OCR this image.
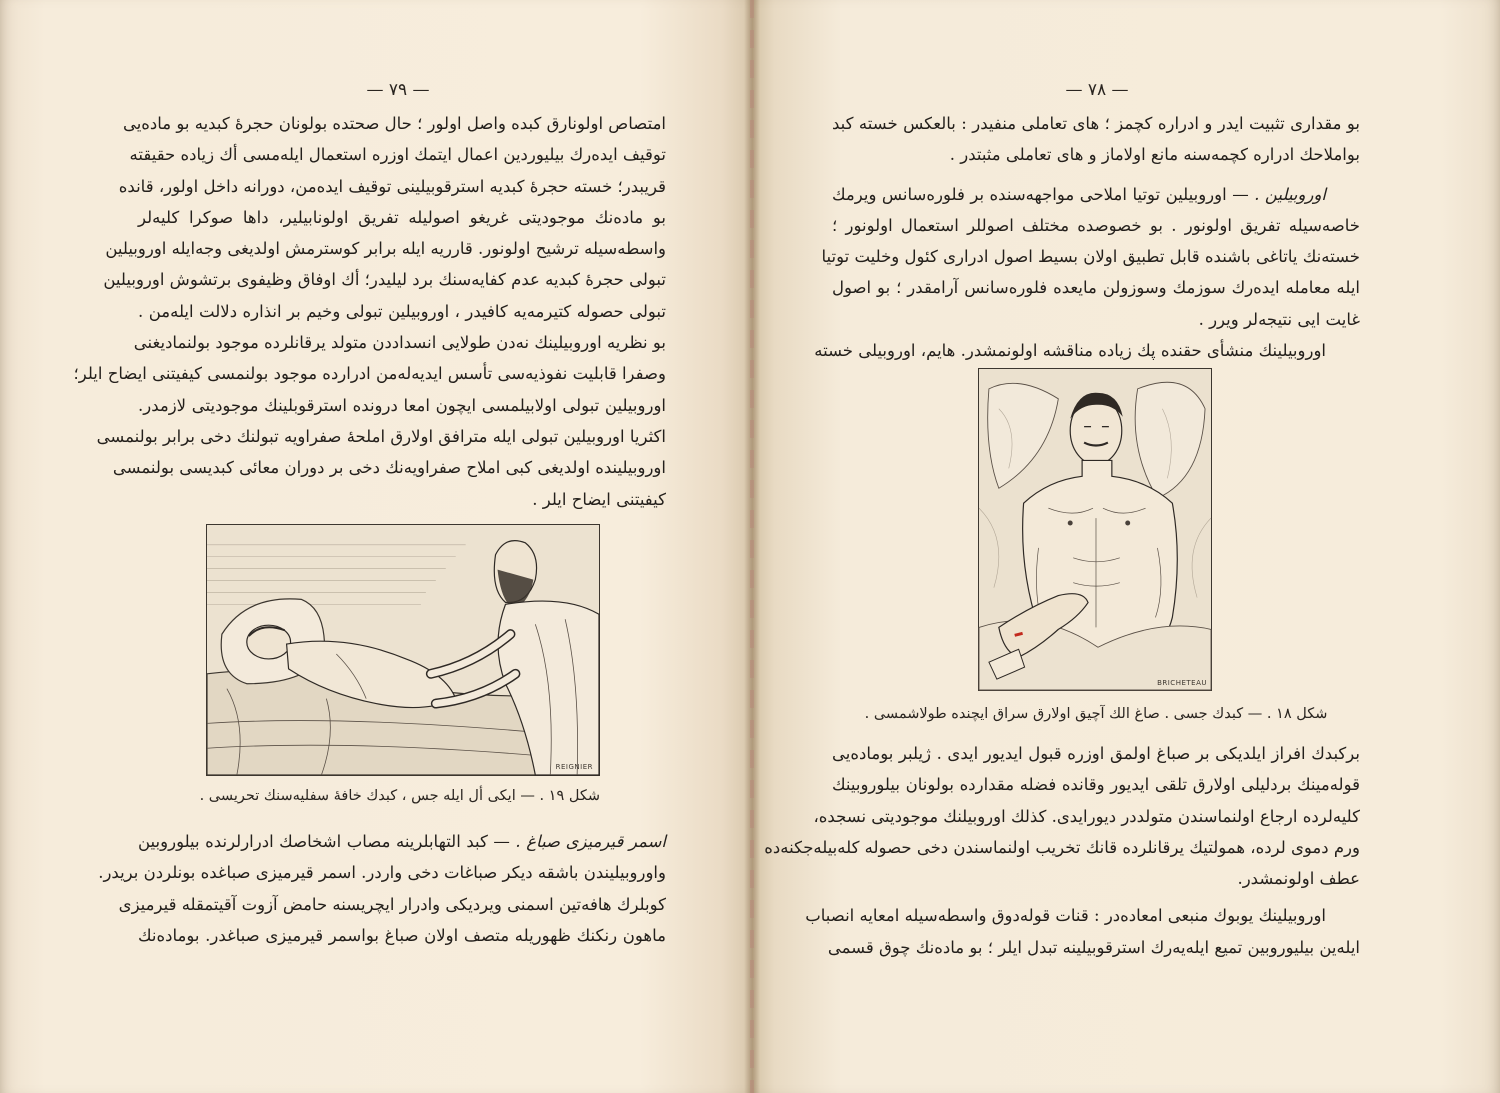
— ٧٩ —
امتصاص اولونارق كبده واصل اولور ؛ حال صحتده بولونان حجرۀ كبديه بو ماده‌يى
توقيف ايده‌رك بيليوردين اعمال ايتمك اوزره استعمال ايله‌مسى أك زياده حقيقته
قريبدر؛ خسته حجرۀ كبديه استرقوبيلينى توقيف ايده‌من، دورانه داخل اولور، قانده
بو ماده‌نك موجوديتى غريغو اصوليله تفريق اولونابيلير، داها صوكرا كليه‌لر
واسطه‌سيله ترشيح اولونور. قارريه ايله برابر كوسترمش اولديغى وجه‌ايله اوروبيلين
تبولى حجرۀ كبديه عدم كفايه‌سنك برد ليليدر؛ أك اوفاق وظيفوى برتشوش اوروبيلين
تبولى حصوله كتيرمه‌يه كافيدر ، اوروبيلين تبولى وخيم بر انذاره دلالت ايله‌من .
بو نظريه اوروبيلينك نه‌دن طولايى انسداددن متولد يرقانلرده موجود بولنماديغنى
وصفرا قابليت نفوذيه‌سى تأسس ايديه‌له‌من ادرارده موجود بولنمسى كيفيتنى ايضاح ايلر؛
اوروبيلين تبولى اولابيلمسى ايچون امعا درونده استرقوبلينك موجوديتى لازمدر.
اكثريا اوروبيلين تبولى ايله مترافق اولارق املحۀ صفراويه تبولنك دخى برابر بولنمسى
اوروبيلينده اولديغى كبى املاح صفراويه‌نك دخى بر دوران معائى كبديسى بولنمسى
كيفيتنى ايضاح ايلر .
REIGNIER
شكل ١٩ . — ايكى أل ايله جس ، كبدك خافۀ سفليه‌سنك تحريسى .
اسمر قيرميزى صباغ . — كبد التهابلرينه مصاب اشخاصك ادرارلرنده بيلوروبين
واوروبيليندن باشقه ديكر صباغات دخى واردر. اسمر قيرميزى صباغده بونلردن بريدر.
كوبلرك هافه‌تين اسمنى ويرديكى وادرار ايچريسنه حامض آزوت آقيتمقله قيرميزى
ماهون رنكنك ظهوريله متصف اولان صباغ بواسمر قيرميزى صباغدر. بوماده‌نك
— ٧٨ —
بو مقدارى تثبيت ايدر و ادراره كچمز ؛ هاى تعاملى منفيدر : بالعكس خسته كبد
بواملاحك ادراره كچمه‌سنه مانع اولاماز و هاى تعاملى مثبتدر .
اوروبيلين . — اوروبيلين توتيا املاحى مواجهه‌سنده بر فلوره‌سانس ويرمك
خاصه‌سيله تفريق اولونور . بو خصوصده مختلف اصوللر استعمال اولونور ؛
خسته‌نك ياتاغى باشنده قابل تطبيق اولان بسيط اصول ادرارى كئول وخليت توتيا
ايله معامله ايده‌رك سوزمك وسوزولن مايعده فلوره‌سانس آرامقدر ؛ بو اصول
غايت ايى نتيجه‌لر ويرر .
اوروبيلينك منشأى حقنده پك زياده مناقشه اولونمشدر. هايم، اوروبيلى خسته
BRICHETEAU
شكل ١٨ . — كبدك جسى . صاغ الك آچيق اولارق سراق ايچنده طولاشمسى .
بركبدك افراز ايلديكى بر صباغ اولمق اوزره قبول ايديور ايدى . ژيلبر بوماده‌يى
قوله‌مينك بردليلى اولارق تلقى ايديور وقانده فضله مقدارده بولونان بيلوروبينك
كليه‌لرده ارجاع اولنماسندن متولددر ديورايدى. كذلك اوروبيلنك موجوديتى نسجده،
ورم دموى لرده، همولتيك يرقانلرده قانك تخريب اولنماسندن دخى حصوله كله‌بيله‌جكنه‌ده
عطف اولونمشدر.
اوروبيلينك يوبوك منبعى امعاده‌در : قنات قوله‌دوق واسطه‌سيله امعايه انصباب
ايله‌ين بيليوروبين تميع ايله‌يه‌رك استرقوبيلينه تبدل ايلر ؛ بو ماده‌نك چوق قسمى
